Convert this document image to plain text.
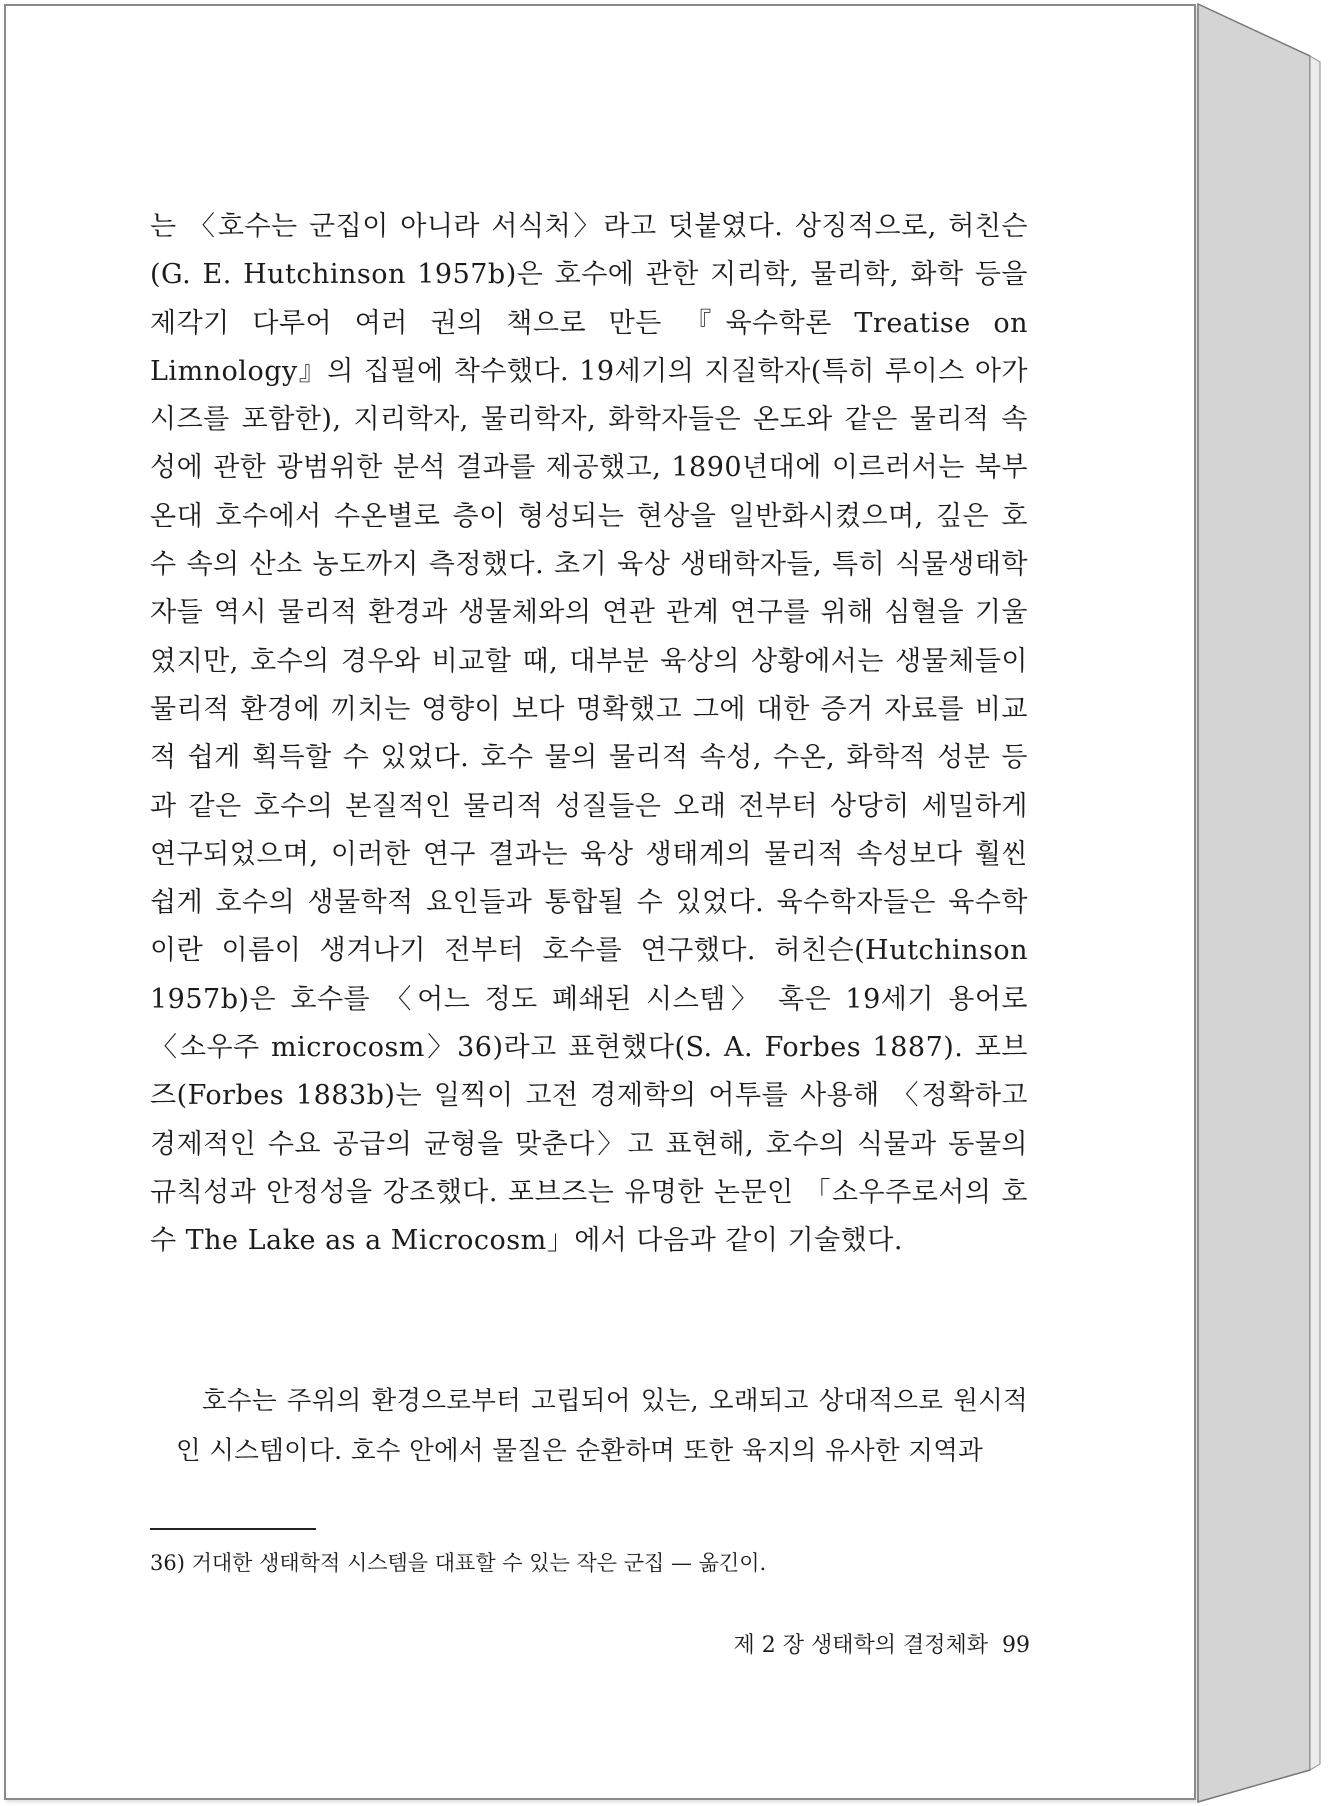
는 〈호수는 군집이 아니라 서식처〉라고 덧붙였다. 상징적으로, 허친슨(G. E. Hutchinson 1957b)은 호수에 관한 지리학, 물리학, 화학 등을 제각기 다루어 여러 권의 책으로 만든 『육수학론 Treatise on Limnology』의 집필에 착수했다. 19세기의 지질학자(특히 루이스 아가시즈를 포함한), 지리학자, 물리학자, 화학자들은 온도와 같은 물리적 속성에 관한 광범위한 분석 결과를 제공했고, 1890년대에 이르러서는 북부 온대 호수에서 수온별로 층이 형성되는 현상을 일반화시켰으며, 깊은 호수 속의 산소 농도까지 측정했다. 초기 육상 생태학자들, 특히 식물생태학자들 역시 물리적 환경과 생물체와의 연관 관계 연구를 위해 심혈을 기울였지만, 호수의 경우와 비교할 때, 대부분 육상의 상황에서는 생물체들이 물리적 환경에 끼치는 영향이 보다 명확했고 그에 대한 증거 자료를 비교적 쉽게 획득할 수 있었다. 호수 물의 물리적 속성, 수온, 화학적 성분 등과 같은 호수의 본질적인 물리적 성질들은 오래 전부터 상당히 세밀하게 연구되었으며, 이러한 연구 결과는 육상 생태계의 물리적 속성보다 훨씬 쉽게 호수의 생물학적 요인들과 통합될 수 있었다. 육수학자들은 육수학이란 이름이 생겨나기 전부터 호수를 연구했다. 허친슨(Hutchinson 1957b)은 호수를 〈어느 정도 폐쇄된 시스템〉 혹은 19세기 용어로 〈소우주 microcosm〉36)라고 표현했다(S. A. Forbes 1887). 포브즈(Forbes 1883b)는 일찍이 고전 경제학의 어투를 사용해 〈정확하고 경제적인 수요 공급의 균형을 맞춘다〉고 표현해, 호수의 식물과 동물의 규칙성과 안정성을 강조했다. 포브즈는 유명한 논문인 「소우주로서의 호수 The Lake as a Microcosm」에서 다음과 같이 기술했다.

호수는 주위의 환경으로부터 고립되어 있는, 오래되고 상대적으로 원시적인 시스템이다. 호수 안에서 물질은 순환하며 또한 육지의 유사한 지역과

36) 거대한 생태학적 시스템을 대표할 수 있는 작은 군집 — 옮긴이.
제 2 장 생태학의 결정체화 99
